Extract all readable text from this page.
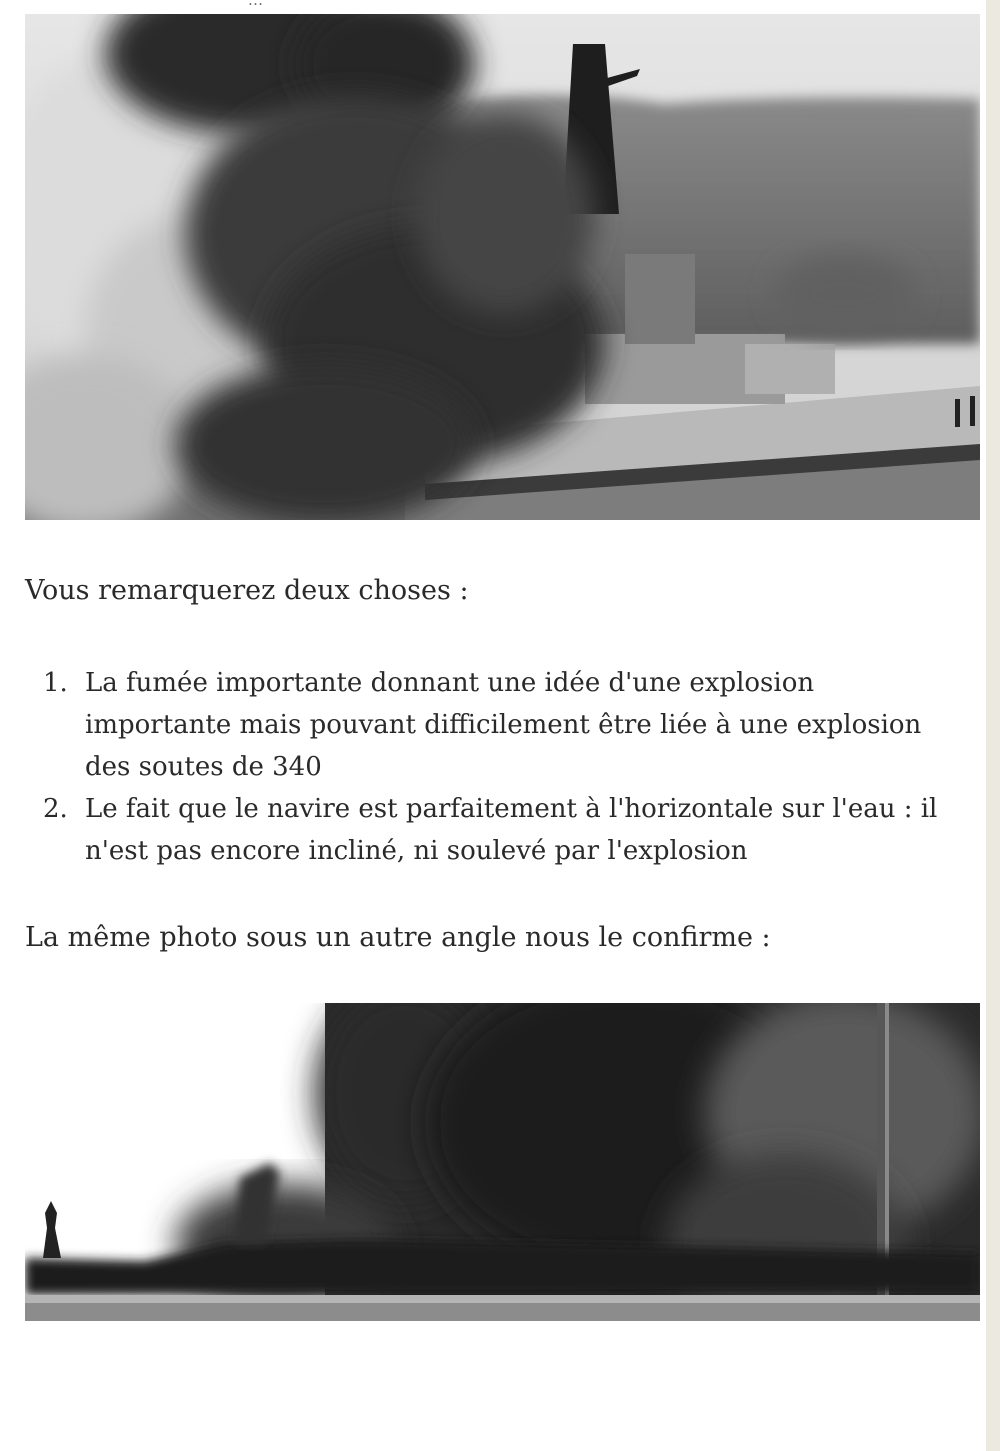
...

Vous remarquerez deux choses :

1. La fumée importante donnant une idée d'une explosion
importante mais pouvant difficilement être liée à une explosion
des soutes de 340
2. Le fait que le navire est parfaitement à l'horizontale sur l'eau : il
n'est pas encore incliné, ni soulevé par l'explosion

La même photo sous un autre angle nous le confirme :
